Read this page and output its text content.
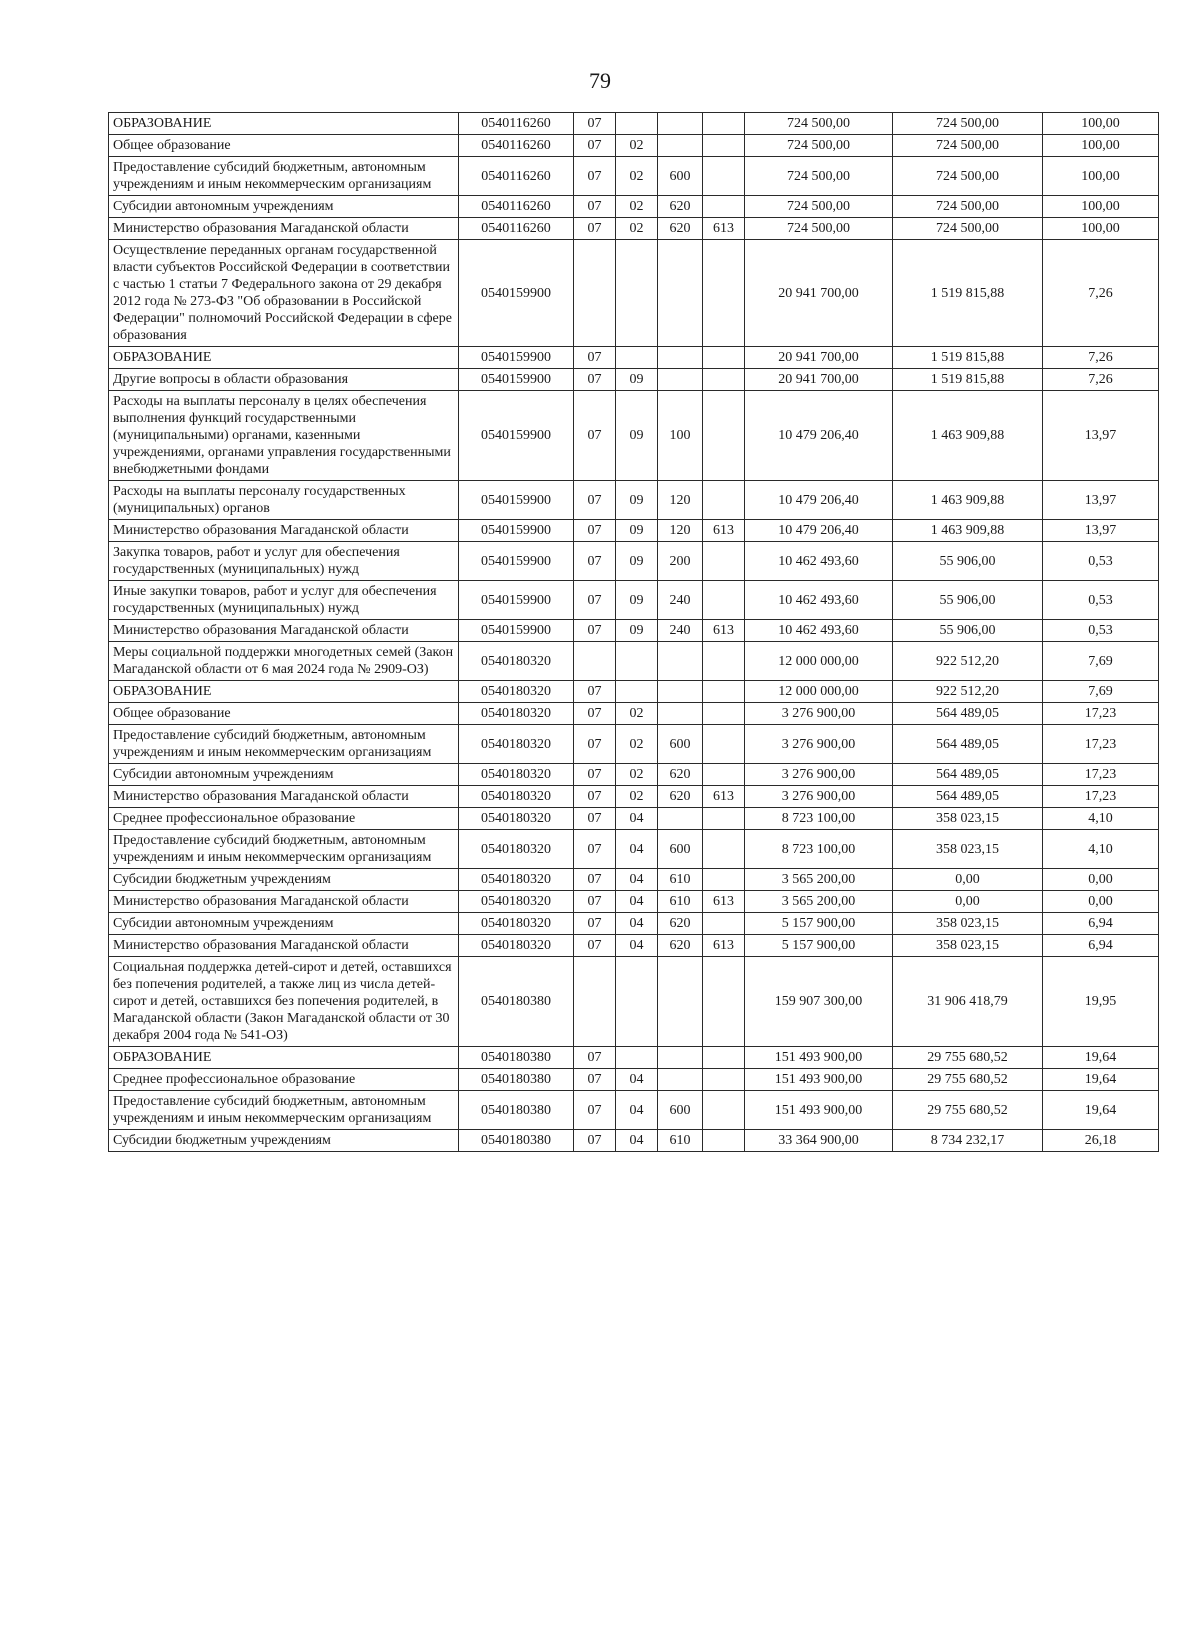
79
ОБРАЗОВАНИЕ	0540116260	07				724 500,00	724 500,00	100,00
Общее образование	0540116260	07	02			724 500,00	724 500,00	100,00
Предоставление субсидий бюджетным, автономным учреждениям и иным некоммерческим организациям	0540116260	07	02	600		724 500,00	724 500,00	100,00
Субсидии автономным учреждениям	0540116260	07	02	620		724 500,00	724 500,00	100,00
Министерство образования Магаданской области	0540116260	07	02	620	613	724 500,00	724 500,00	100,00
Осуществление переданных органам государственной власти субъектов Российской Федерации в соответствии с частью 1 статьи 7 Федерального закона от 29 декабря 2012 года № 273-ФЗ "Об образовании в Российской Федерации" полномочий Российской Федерации в сфере образования	0540159900					20 941 700,00	1 519 815,88	7,26
ОБРАЗОВАНИЕ	0540159900	07				20 941 700,00	1 519 815,88	7,26
Другие вопросы в области образования	0540159900	07	09			20 941 700,00	1 519 815,88	7,26
Расходы на выплаты персоналу в целях обеспечения выполнения функций государственными (муниципальными) органами, казенными учреждениями, органами управления государственными внебюджетными фондами	0540159900	07	09	100		10 479 206,40	1 463 909,88	13,97
Расходы на выплаты персоналу государственных (муниципальных) органов	0540159900	07	09	120		10 479 206,40	1 463 909,88	13,97
Министерство образования Магаданской области	0540159900	07	09	120	613	10 479 206,40	1 463 909,88	13,97
Закупка товаров, работ и услуг для обеспечения государственных (муниципальных) нужд	0540159900	07	09	200		10 462 493,60	55 906,00	0,53
Иные закупки товаров, работ и услуг для обеспечения государственных (муниципальных) нужд	0540159900	07	09	240		10 462 493,60	55 906,00	0,53
Министерство образования Магаданской области	0540159900	07	09	240	613	10 462 493,60	55 906,00	0,53
Меры социальной поддержки многодетных семей (Закон Магаданской области от 6 мая 2024 года № 2909-ОЗ)	0540180320					12 000 000,00	922 512,20	7,69
ОБРАЗОВАНИЕ	0540180320	07				12 000 000,00	922 512,20	7,69
Общее образование	0540180320	07	02			3 276 900,00	564 489,05	17,23
Предоставление субсидий бюджетным, автономным учреждениям и иным некоммерческим организациям	0540180320	07	02	600		3 276 900,00	564 489,05	17,23
Субсидии автономным учреждениям	0540180320	07	02	620		3 276 900,00	564 489,05	17,23
Министерство образования Магаданской области	0540180320	07	02	620	613	3 276 900,00	564 489,05	17,23
Среднее профессиональное образование	0540180320	07	04			8 723 100,00	358 023,15	4,10
Предоставление субсидий бюджетным, автономным учреждениям и иным некоммерческим организациям	0540180320	07	04	600		8 723 100,00	358 023,15	4,10
Субсидии бюджетным учреждениям	0540180320	07	04	610		3 565 200,00	0,00	0,00
Министерство образования Магаданской области	0540180320	07	04	610	613	3 565 200,00	0,00	0,00
Субсидии автономным учреждениям	0540180320	07	04	620		5 157 900,00	358 023,15	6,94
Министерство образования Магаданской области	0540180320	07	04	620	613	5 157 900,00	358 023,15	6,94
Социальная поддержка детей-сирот и детей, оставшихся без попечения родителей, а также лиц из числа детей-сирот и детей, оставшихся без попечения родителей, в Магаданской области (Закон Магаданской области от 30 декабря 2004 года № 541-ОЗ)	0540180380					159 907 300,00	31 906 418,79	19,95
ОБРАЗОВАНИЕ	0540180380	07				151 493 900,00	29 755 680,52	19,64
Среднее профессиональное образование	0540180380	07	04			151 493 900,00	29 755 680,52	19,64
Предоставление субсидий бюджетным, автономным учреждениям и иным некоммерческим организациям	0540180380	07	04	600		151 493 900,00	29 755 680,52	19,64
Субсидии бюджетным учреждениям	0540180380	07	04	610		33 364 900,00	8 734 232,17	26,18
